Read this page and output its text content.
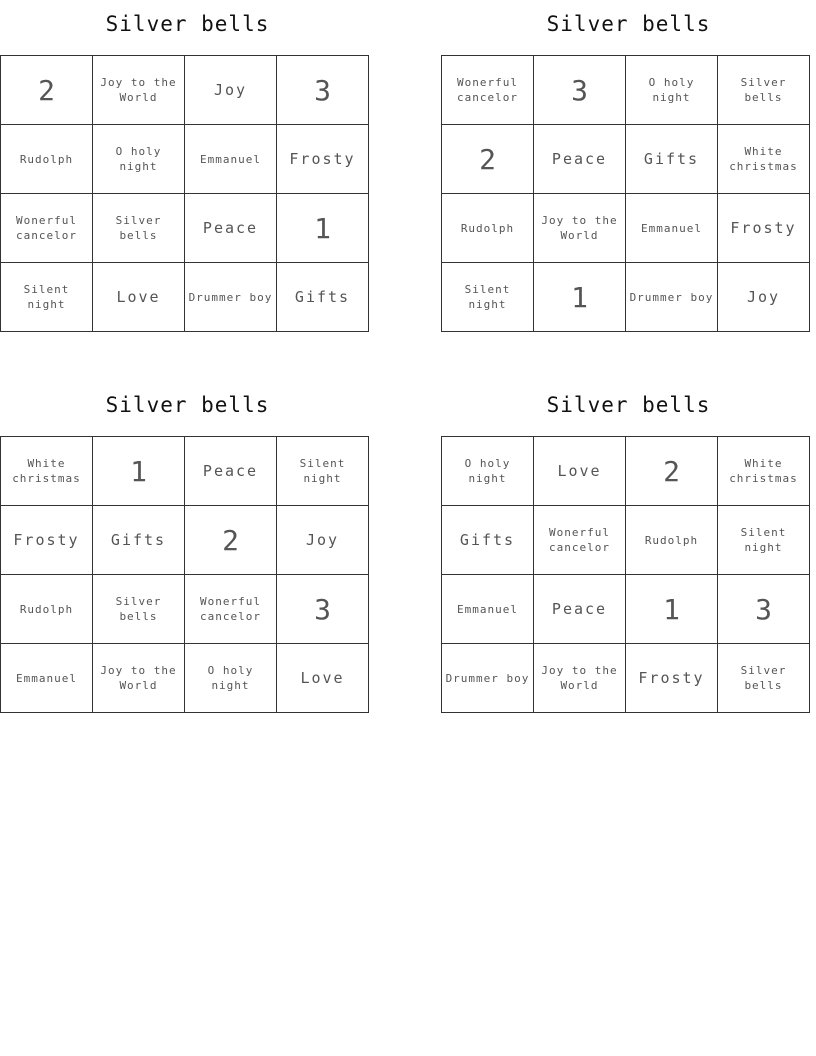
Silver bells
2	Joy to the World	Joy	3
Rudolph	O holy night	Emmanuel	Frosty
Wonerful cancelor	Silver bells	Peace	1
Silent night	Love	Drummer boy	Gifts
Silver bells
Wonerful cancelor	3	O holy night	Silver bells
2	Peace	Gifts	White christmas
Rudolph	Joy to the World	Emmanuel	Frosty
Silent night	1	Drummer boy	Joy
Silver bells
White christmas	1	Peace	Silent night
Frosty	Gifts	2	Joy
Rudolph	Silver bells	Wonerful cancelor	3
Emmanuel	Joy to the World	O holy night	Love
Silver bells
O holy night	Love	2	White christmas
Gifts	Wonerful cancelor	Rudolph	Silent night
Emmanuel	Peace	1	3
Drummer boy	Joy to the World	Frosty	Silver bells
